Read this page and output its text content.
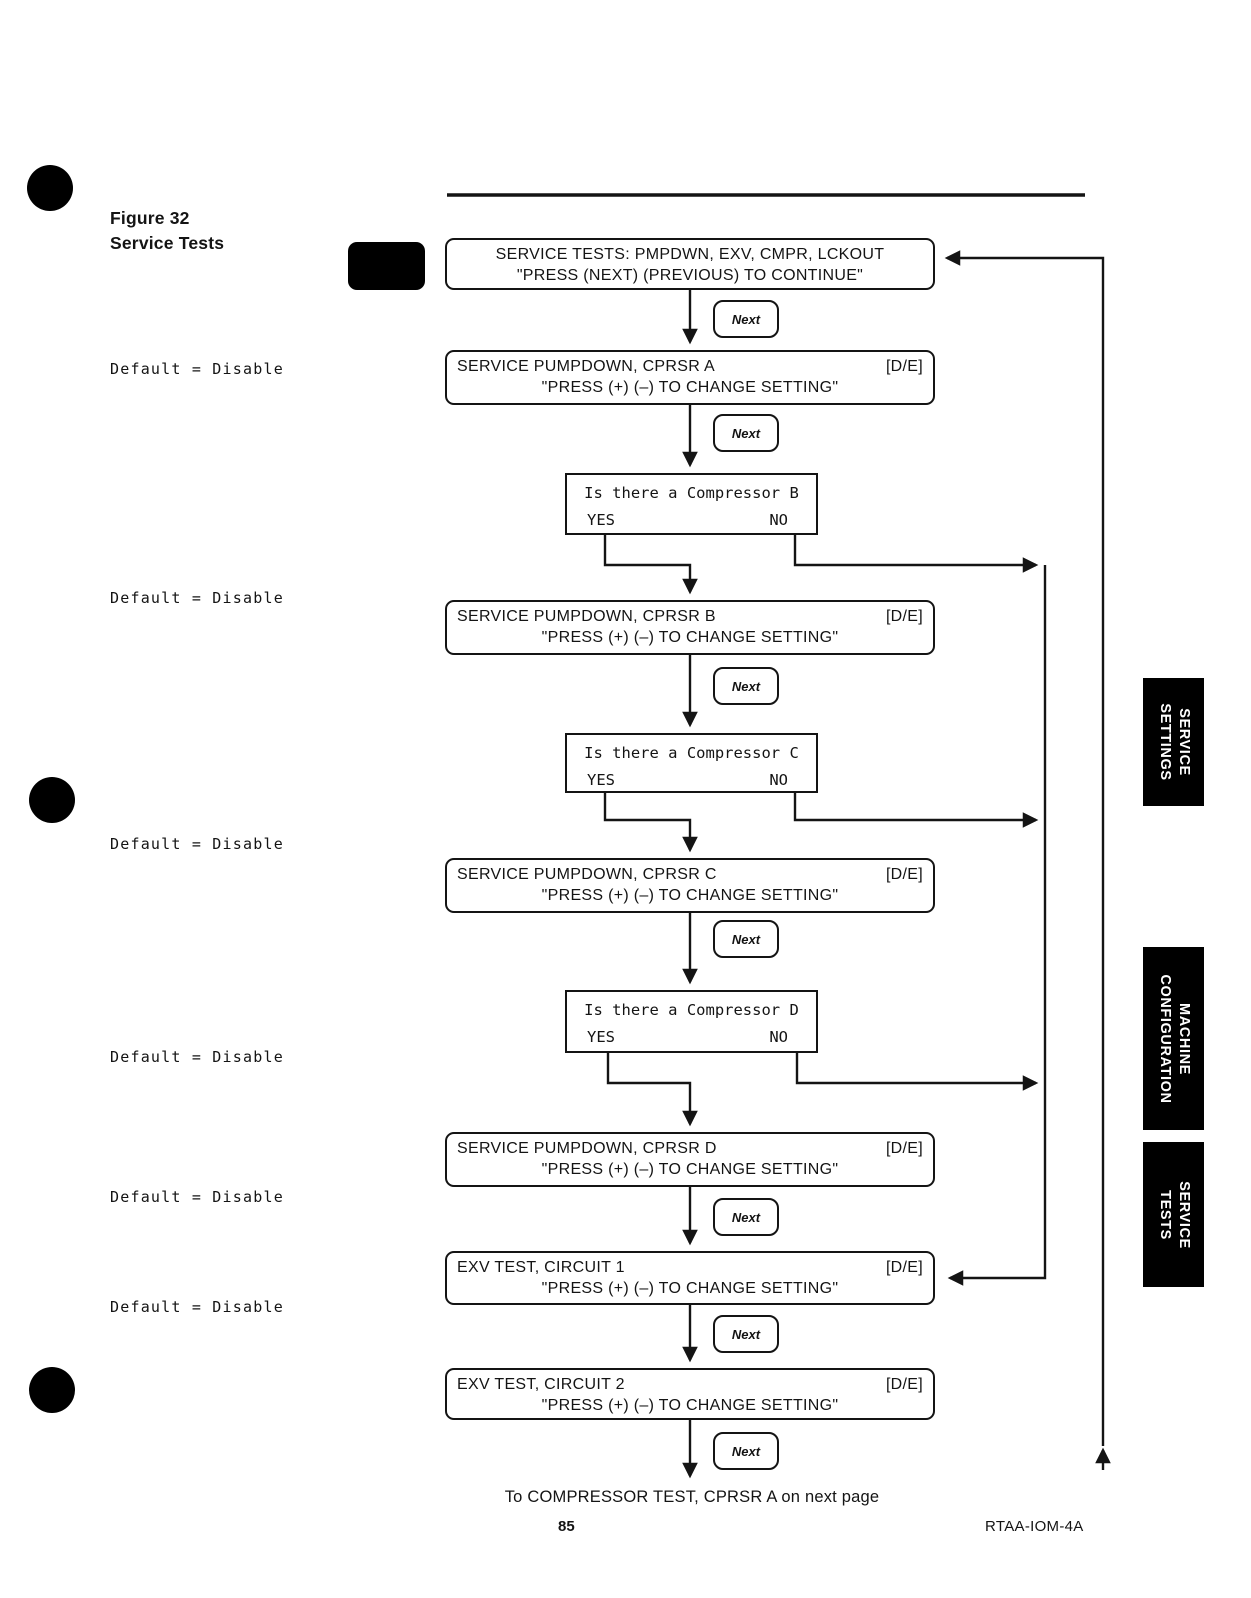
Figure 32
Service Tests
Default = Disable
Default = Disable
Default = Disable
Default = Disable
Default = Disable
Default = Disable
SERVICE TESTS: PMPDWN, EXV, CMPR, LCKOUT
"PRESS (NEXT) (PREVIOUS) TO CONTINUE"
SERVICE PUMPDOWN, CPRSR A	[D/E]
"PRESS (+) (–) TO CHANGE SETTING"
Is there a Compressor B
YES	NO
SERVICE PUMPDOWN, CPRSR B	[D/E]
"PRESS (+) (–) TO CHANGE SETTING"
Is there a Compressor C
YES	NO
SERVICE PUMPDOWN, CPRSR C	[D/E]
"PRESS (+) (–) TO CHANGE SETTING"
Is there a Compressor D
YES	NO
SERVICE PUMPDOWN, CPRSR D	[D/E]
"PRESS (+) (–) TO CHANGE SETTING"
EXV TEST, CIRCUIT 1	[D/E]
"PRESS (+) (–) TO CHANGE SETTING"
EXV TEST, CIRCUIT 2	[D/E]
"PRESS (+) (–) TO CHANGE SETTING"
Next
Next
Next
Next
Next
Next
Next
SERVICE
SETTINGS
MACHINE
CONFIGURATION
SERVICE
TESTS
To COMPRESSOR TEST, CPRSR A on next page
85	RTAA-IOM-4A
